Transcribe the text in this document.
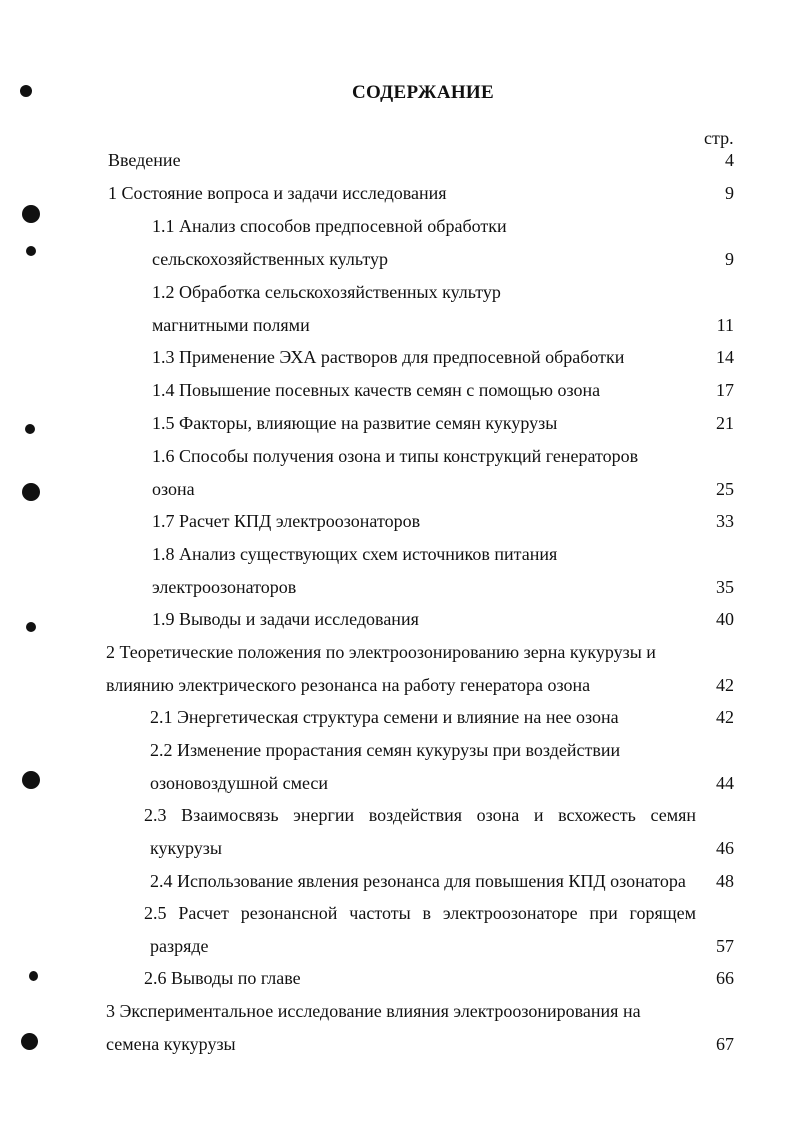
СОДЕРЖАНИЕ
стр.
Введение	4
1 Состояние вопроса и задачи исследования	9
1.1 Анализ способов предпосевной обработки
сельскохозяйственных культур	9
1.2 Обработка сельскохозяйственных культур
магнитными полями	11
1.3 Применение ЭХА растворов для предпосевной обработки	14
1.4 Повышение посевных качеств семян с помощью озона	17
1.5 Факторы, влияющие на развитие семян кукурузы	21
1.6 Способы получения озона и типы конструкций генераторов
озона	25
1.7 Расчет КПД электроозонаторов	33
1.8 Анализ существующих схем источников питания
электроозонаторов	35
1.9 Выводы и задачи исследования	40
2 Теоретические положения по электроозонированию зерна кукурузы и
влиянию электрического резонанса на работу генератора озона	42
2.1 Энергетическая структура семени и влияние на нее озона	42
2.2 Изменение прорастания семян кукурузы при воздействии
озоновоздушной смеси	44
2.3 Взаимосвязь энергии воздействия озона и всхожесть семян
кукурузы	46
2.4 Использование явления резонанса для повышения КПД озонатора 48
2.5 Расчет резонансной частоты в электроозонаторе при горящем
разряде	57
2.6 Выводы по главе	66
3 Экспериментальное исследование влияния электроозонирования на
семена кукурузы	67
